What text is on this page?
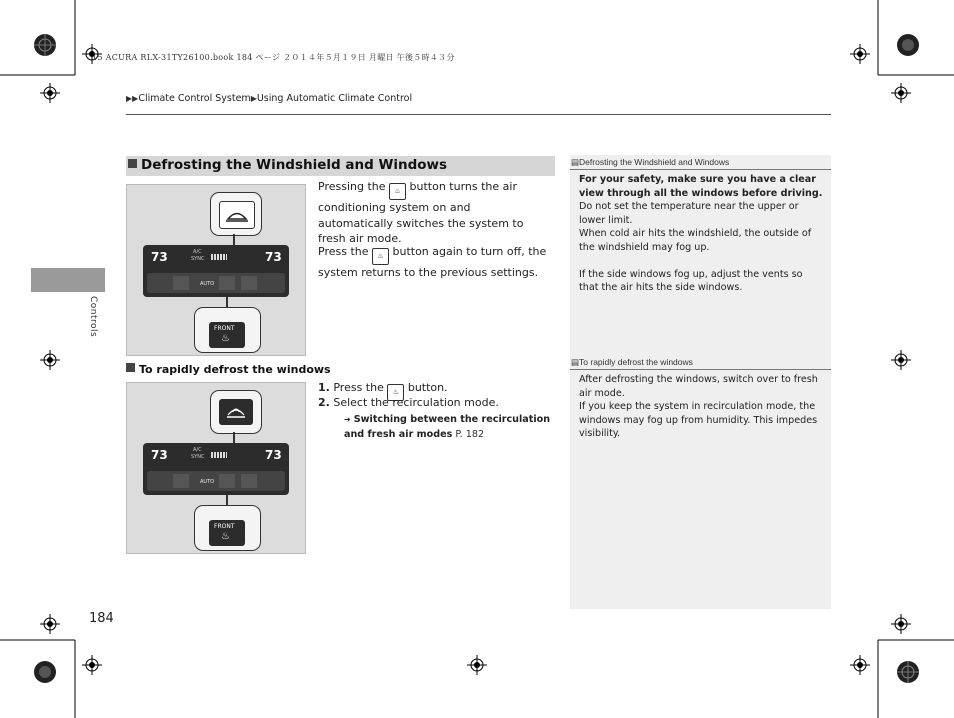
15 ACURA RLX-31TY26100.book 184 ページ ２０１４年５月１９日 月曜日 午後５時４３分
▶▶Climate Control System▶Using Automatic Climate Control
Controls
Defrosting the Windshield and Windows
73	73
A/C
SYNC
AUTO
FRONT
♨
Pressing the ♨ button turns the air conditioning system on and automatically switches the system to fresh air mode.
Press the ♨ button again to turn off, the system returns to the previous settings.
To rapidly defrost the windows
73	73
A/C
SYNC
AUTO
FRONT
♨
1. Press the ♨ button.
2. Select the recirculation mode.
➔ Switching between the recirculation and fresh air modes P. 182
▤Defrosting the Windshield and Windows
For your safety, make sure you have a clear view through all the windows before driving.
Do not set the temperature near the upper or lower limit.
When cold air hits the windshield, the outside of the windshield may fog up.

If the side windows fog up, adjust the vents so that the air hits the side windows.
▤To rapidly defrost the windows
After defrosting the windows, switch over to fresh air mode.
If you keep the system in recirculation mode, the windows may fog up from humidity. This impedes visibility.
184
